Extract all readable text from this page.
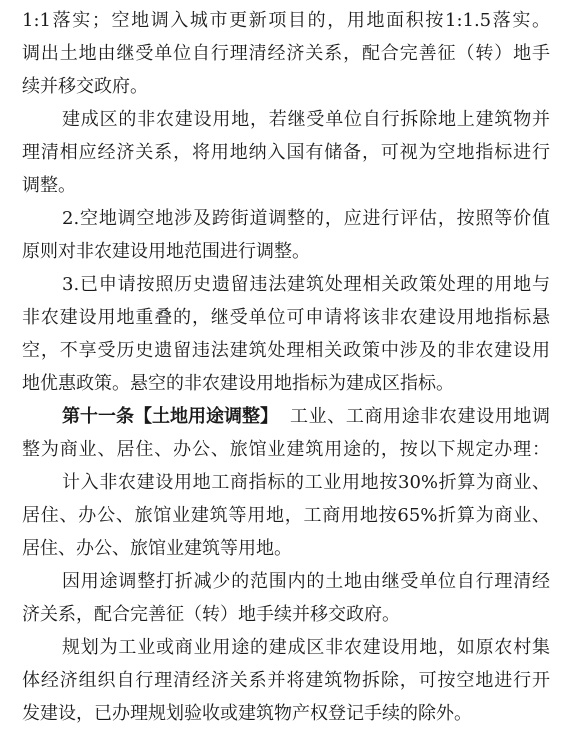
1:1落实；空地调入城市更新项目的，用地面积按1:1.5落实。
调出土地由继受单位自行理清经济关系，配合完善征（转）地手
续并移交政府。
建成区的非农建设用地，若继受单位自行拆除地上建筑物并
理清相应经济关系，将用地纳入国有储备，可视为空地指标进行
调整。
2.空地调空地涉及跨街道调整的，应进行评估，按照等价值
原则对非农建设用地范围进行调整。
3.已申请按照历史遗留违法建筑处理相关政策处理的用地与
非农建设用地重叠的，继受单位可申请将该非农建设用地指标悬
空，不享受历史遗留违法建筑处理相关政策中涉及的非农建设用
地优惠政策。悬空的非农建设用地指标为建成区指标。
第十一条【土地用途调整】 工业、工商用途非农建设用地调
整为商业、居住、办公、旅馆业建筑用途的，按以下规定办理：
计入非农建设用地工商指标的工业用地按30%折算为商业、
居住、办公、旅馆业建筑等用地，工商用地按65%折算为商业、
居住、办公、旅馆业建筑等用地。
因用途调整打折减少的范围内的土地由继受单位自行理清经
济关系，配合完善征（转）地手续并移交政府。
规划为工业或商业用途的建成区非农建设用地，如原农村集
体经济组织自行理清经济关系并将建筑物拆除，可按空地进行开
发建设，已办理规划验收或建筑物产权登记手续的除外。
